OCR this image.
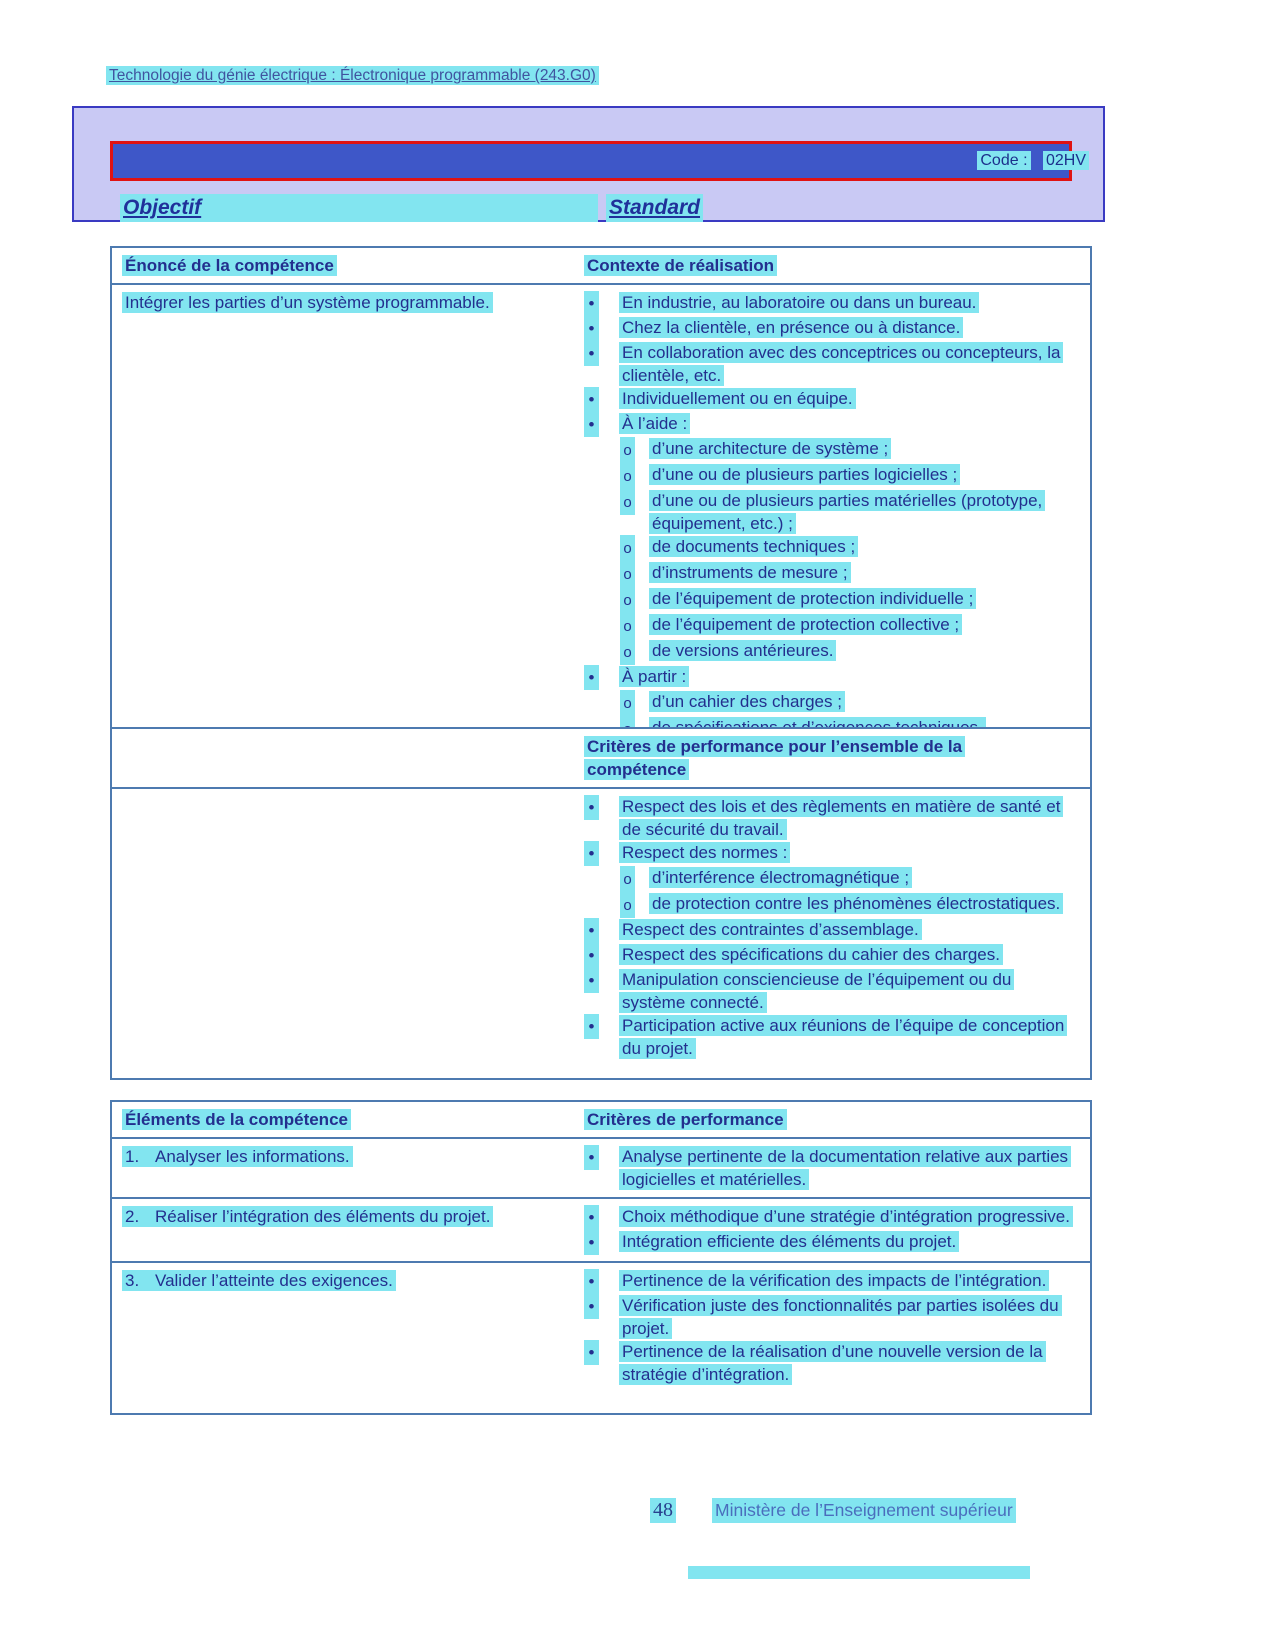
Technologie du génie électrique : Électronique programmable (243.G0)
Code : 02HV
Objectif	Standard
Énoncé de la compétence	Contexte de réalisation
Intégrer les parties d’un système programmable. •	En industrie, au laboratoire ou dans un bureau.
•
Chez la clientèle, en présence ou à distance.
•
En collaboration avec des conceptrices ou concepteurs, la clientèle, etc.
•
Individuellement ou en équipe.
•
À l’aide :
o
d’une architecture de système ;
o
d’une ou de plusieurs parties logicielles ;
o
d’une ou de plusieurs parties matérielles (prototype, équipement, etc.) ;
o
de documents techniques ;
o
d’instruments de mesure ;
o
de l’équipement de protection individuelle ;
o
de l’équipement de protection collective ;
o
de versions antérieures.
•
À partir :
o
d’un cahier des charges ;
o
Critères de performance pour l’ensemble de la compétence
•
Respect des lois et des règlements en matière de santé et de sécurité du travail.
•
Respect des normes :
o
d’interférence électromagnétique ;
o
de protection contre les phénomènes électrostatiques.
•
Respect des contraintes d’assemblage.
•
Respect des spécifications du cahier des charges.
•
Manipulation consciencieuse de l’équipement ou du système connecté.
•
Participation active aux réunions de l’équipe de conception du projet.
Éléments de la compétence	Critères de performance
1. Analyser les informations. •	Analyse pertinente de la documentation relative aux parties logicielles et matérielles.
2. Réaliser l’intégration des éléments du projet. •	Choix méthodique d’une stratégie d’intégration progressive.
•
Intégration efficiente des éléments du projet.
3. Valider l’atteinte des exigences. •	Pertinence de la vérification des impacts de l’intégration.
•
Vérification juste des fonctionnalités par parties isolées du projet.
•
Pertinence de la réalisation d’une nouvelle version de la stratégie d’intégration.
48 Ministère de l’Enseignement supérieur
